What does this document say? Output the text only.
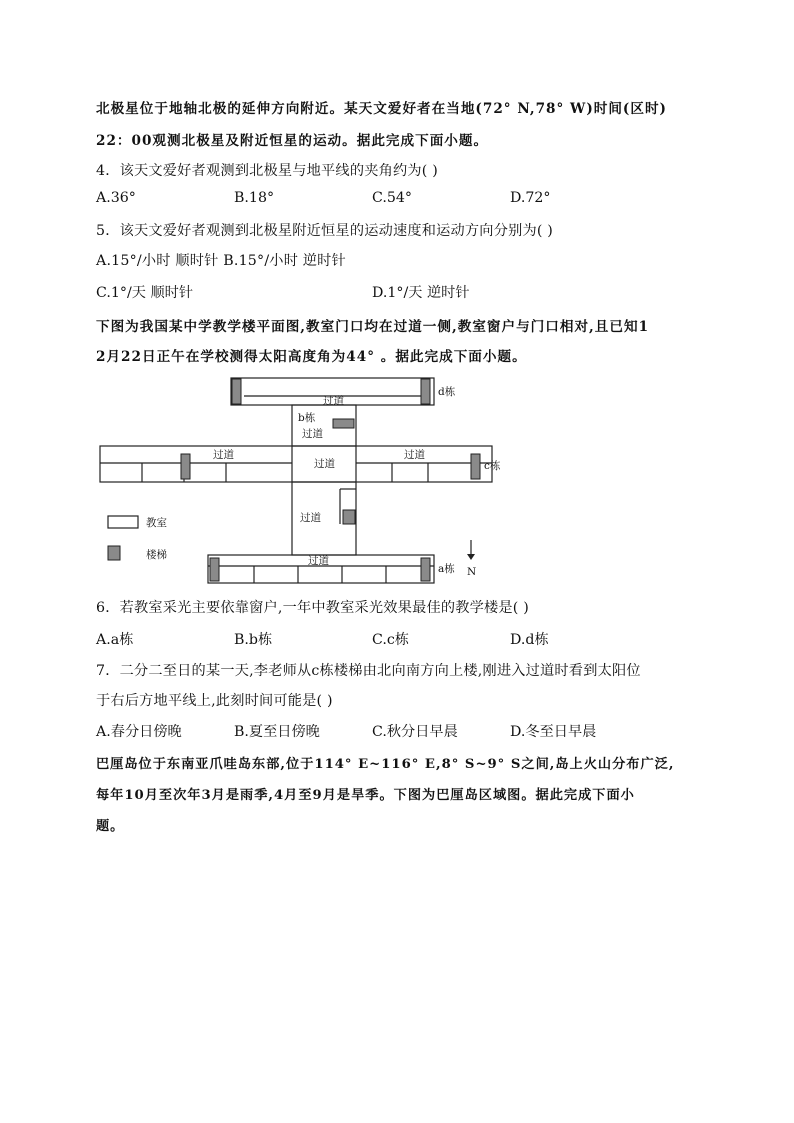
北极星位于地轴北极的延伸方向附近。某天文爱好者在当地(72° N,78° W)时间(区时)
22：00观测北极星及附近恒星的运动。据此完成下面小题。
4．该天文爱好者观测到北极星与地平线的夹角约为( )
A.36°	B.18°	C.54°	D.72°
5．该天文爱好者观测到北极星附近恒星的运动速度和运动方向分别为( )
A.15°/小时 顺时针 B.15°/小时 逆时针
C.1°/天 顺时针	D.1°/天 逆时针
下图为我国某中学教学楼平面图,教室门口均在过道一侧,教室窗户与门口相对,且已知1
2月22日正午在学校测得太阳高度角为44° 。据此完成下面小题。
d栋
过道
b栋
过道
过道
过道
过道
c栋
过道
过道
a栋
教室
楼梯
N
6．若教室采光主要依靠窗户,一年中教室采光效果最佳的教学楼是( )
A.a栋	B.b栋	C.c栋	D.d栋
7．二分二至日的某一天,李老师从c栋楼梯由北向南方向上楼,刚进入过道时看到太阳位
于右后方地平线上,此刻时间可能是( )
A.春分日傍晚	B.夏至日傍晚	C.秋分日早晨	D.冬至日早晨
巴厘岛位于东南亚爪哇岛东部,位于114° E~116° E,8° S~9° S之间,岛上火山分布广泛,
每年10月至次年3月是雨季,4月至9月是旱季。下图为巴厘岛区域图。据此完成下面小
题。
